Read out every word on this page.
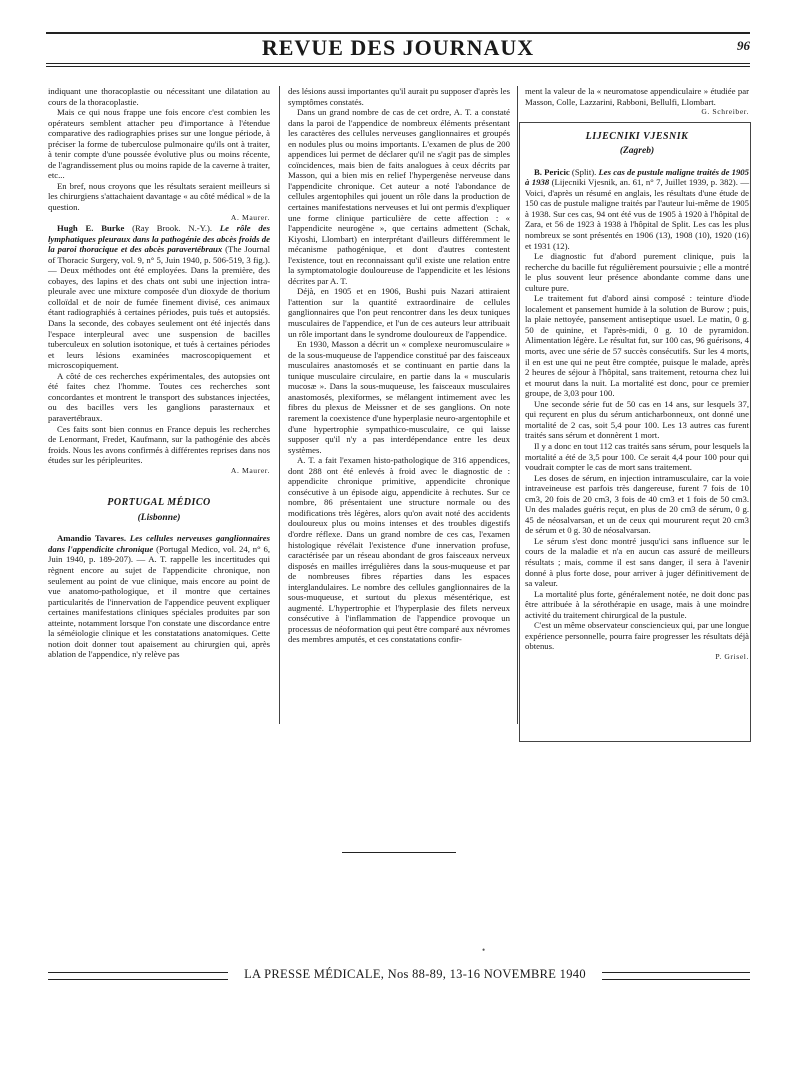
REVUE DES JOURNAUX	96

indiquant une thoracoplastie ou nécessitant une dilatation au cours de la thoracoplastie.

Mais ce qui nous frappe une fois encore c'est combien les opérateurs semblent attacher peu d'importance à l'étendue comparative des radiographies prises sur une longue période, à préciser la forme de tuberculose pulmonaire qu'ils ont à traiter, à tenir compte d'une poussée évolutive plus ou moins récente, de l'agrandissement plus ou moins rapide de la caverne à traiter, etc...

En bref, nous croyons que les résultats seraient meilleurs si les chirurgiens s'attachaient davantage « au côté médical » de la question.

A. Maurer.

Hugh E. Burke (Ray Brook. N.-Y.). Le rôle des lymphatiques pleuraux dans la pathogénie des abcès froids de la paroi thoracique et des abcès paravertébraux (The Journal of Thoracic Surgery, vol. 9, n° 5, Juin 1940, p. 506-519, 3 fig.). — Deux méthodes ont été employées. Dans la première, des cobayes, des lapins et des chats ont subi une injection intra-pleurale avec une mixture composée d'un dioxyde de thorium colloïdal et de noir de fumée finement divisé, ces animaux étant radiographiés à certaines périodes, puis tués et autopsiés. Dans la seconde, des cobayes seulement ont été injectés dans l'espace interpleural avec une suspension de bacilles tuberculeux en solution isotonique, et tués à certaines périodes et leurs lésions examinées macroscopiquement et microscopiquement.

A côté de ces recherches expérimentales, des autopsies ont été faites chez l'homme. Toutes ces recherches sont concordantes et montrent le transport des substances injectées, ou des bacilles vers les ganglions parasternaux et paravertébraux.

Ces faits sont bien connus en France depuis les recherches de Lenormant, Fredet, Kaufmann, sur la pathogénie des abcès froids. Nous les avons confirmés à différentes reprises dans nos études sur les péripleurites.

A. Maurer.

PORTUGAL MÉDICO
(Lisbonne)

Amandio Tavares. Les cellules nerveuses ganglionnaires dans l'appendicite chronique (Portugal Medico, vol. 24, n° 6, Juin 1940, p. 189-207). — A. T. rappelle les incertitudes qui règnent encore au sujet de l'appendicite chronique, non seulement au point de vue clinique, mais encore au point de vue anatomo-pathologique, et il montre que certaines particularités de l'innervation de l'appendice peuvent expliquer certaines manifestations cliniques spéciales produites par son atteinte, notamment lorsque l'on constate une discordance entre la séméiologie clinique et les constatations anatomiques. Cette notion doit donner tout apaisement au chirurgien qui, après ablation de l'appendice, n'y relève pas

des lésions aussi importantes qu'il aurait pu supposer d'après les symptômes constatés.

Dans un grand nombre de cas de cet ordre, A. T. a constaté dans la paroi de l'appendice de nombreux éléments présentant les caractères des cellules nerveuses ganglionnaires et groupés en nodules plus ou moins importants. L'examen de plus de 200 appendices lui permet de déclarer qu'il ne s'agit pas de simples coïncidences, mais bien de faits analogues à ceux décrits par Masson, qui a bien mis en relief l'hypergenèse nerveuse dans l'appendicite chronique. Cet auteur a noté l'abondance de cellules argentophiles qui jouent un rôle dans la production de certaines manifestations nerveuses et lui ont permis d'expliquer une forme clinique particulière de cette affection : « l'appendicite neurogène », que certains admettent (Schak, Kiyoshi, Llombart) en interprétant d'ailleurs différemment le mécanisme pathogénique, et dont d'autres contestent l'existence, tout en reconnaissant qu'il existe une relation entre la symptomatologie douloureuse de l'appendicite et les lésions décrites par A. T.

Déjà, en 1905 et en 1906, Bushi puis Nazari attiraient l'attention sur la quantité extraordinaire de cellules ganglionnaires que l'on peut rencontrer dans les deux tuniques musculaires de l'appendice, et l'un de ces auteurs leur attribuait un rôle important dans le syndrome douloureux de l'appendice.

En 1930, Masson a décrit un « complexe neuromusculaire » de la sous-muqueuse de l'appendice constitué par des faisceaux musculaires anastomosés et se continuant en partie dans la tunique musculaire circulaire, en partie dans la « muscularis mucosæ ». Dans la sous-muqueuse, les faisceaux musculaires anastomosés, plexiformes, se mélangent intimement avec les fibres du plexus de Meissner et de ses ganglions. On note rarement la coexistence d'une hyperplasie neuro-argentophile et d'une hypertrophie sympathico-musculaire, ce qui laisse supposer qu'il n'y a pas interdépendance entre les deux systèmes.

A. T. a fait l'examen histo-pathologique de 316 appendices, dont 288 ont été enlevés à froid avec le diagnostic de : appendicite chronique primitive, appendicite chronique consécutive à un épisode aigu, appendicite à rechutes. Sur ce nombre, 86 présentaient une structure normale ou des modifications très légères, alors qu'on avait noté des accidents douloureux plus ou moins intenses et des troubles digestifs d'ordre réflexe. Dans un grand nombre de ces cas, l'examen histologique révélait l'existence d'une innervation profuse, caractérisée par un réseau abondant de gros faisceaux nerveux disposés en mailles irrégulières dans la sous-muqueuse et par de nombreuses fibres réparties dans les espaces interglandulaires. Le nombre des cellules ganglionnaires de la sous-muqueuse, et surtout du plexus mésentérique, est augmenté. L'hypertrophie et l'hyperplasie des filets nerveux consécutive à l'inflammation de l'appendice provoque un processus de néoformation qui peut être comparé aux névromes des membres amputés, et ces constatations confir-

ment la valeur de la « neuromatose appendiculaire » étudiée par Masson, Colle, Lazzarini, Rabboni, Bellulfi, Llombart.

G. Schreiber.

LIJECNIKI VJESNIK
(Zagreb)

B. Pericic (Split). Les cas de pustule maligne traités de 1905 à 1938 (Lijecniki Vjesnik, an. 61, n° 7, Juillet 1939, p. 382). — Voici, d'après un résumé en anglais, les résultats d'une étude de 150 cas de pustule maligne traités par l'auteur lui-même de 1905 à 1938. Sur ces cas, 94 ont été vus de 1905 à 1920 à l'hôpital de Zara, et 56 de 1923 à 1938 à l'hôpital de Split. Les cas les plus nombreux se sont présentés en 1906 (13), 1908 (10), 1920 (16) et 1931 (12).

Le diagnostic fut d'abord purement clinique, puis la recherche du bacille fut régulièrement poursuivie ; elle a montré le plus souvent leur présence abondante comme dans une culture pure.

Le traitement fut d'abord ainsi composé : teinture d'iode localement et pansement humide à la solution de Burow ; puis, la plaie nettoyée, pansement antiseptique usuel. Le matin, 0 g. 50 de quinine, et l'après-midi, 0 g. 10 de pyramidon. Alimentation légère. Le résultat fut, sur 100 cas, 96 guérisons, 4 morts, avec une série de 57 succès consécutifs. Sur les 4 morts, il en est une qui ne peut être comptée, puisque le malade, après 2 heures de séjour à l'hôpital, sans traitement, retourna chez lui et mourut dans la nuit. La mortalité est donc, pour ce premier groupe, de 3,03 pour 100.

Une seconde série fut de 50 cas en 14 ans, sur lesquels 37, qui reçurent en plus du sérum anticharbonneux, ont donné une mortalité de 2 cas, soit 5,4 pour 100. Les 13 autres cas furent traités sans sérum et donnèrent 1 mort.

Il y a donc en tout 112 cas traités sans sérum, pour lesquels la mortalité a été de 3,5 pour 100. Ce serait 4,4 pour 100 pour qui voudrait compter le cas de mort sans traitement.

Les doses de sérum, en injection intramusculaire, car la voie intraveineuse est parfois très dangereuse, furent 7 fois de 10 cm3, 20 fois de 20 cm3, 3 fois de 40 cm3 et 1 fois de 50 cm3. Un des malades guéris reçut, en plus de 20 cm3 de sérum, 0 g. 45 de néosalvarsan, et un de ceux qui moururent reçut 20 cm3 de sérum et 0 g. 30 de néosalvarsan.

Le sérum s'est donc montré jusqu'ici sans influence sur le cours de la maladie et n'a en aucun cas assuré de meilleurs résultats ; mais, comme il est sans danger, il sera à l'avenir donné à plus forte dose, pour arriver à juger définitivement de sa valeur.

La mortalité plus forte, généralement notée, ne doit donc pas être attribuée à la sérothérapie en usage, mais à une moindre activité du traitement chirurgical de la pustule.

C'est un même observateur consciencieux qui, par une longue expérience personnelle, pourra faire progresser les résultats déjà obtenus.

P. Grisel.

•
LA PRESSE MÉDICALE, Nos 88-89, 13-16 NOVEMBRE 1940
